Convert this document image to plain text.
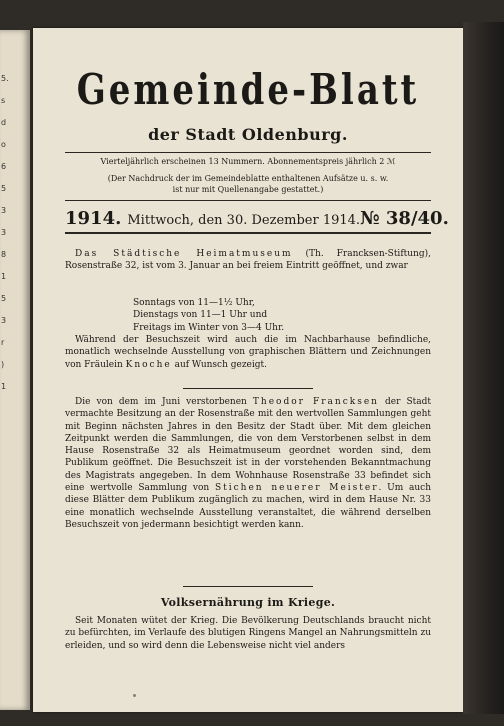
5.
s
d
o
6
5
3
3
8
1
5
3
r
)
1
Gemeinde-Blatt
der Stadt Oldenburg.
Vierteljährlich erscheinen 13 Nummern. Abonnementspreis jährlich 2 ℳ
(Der Nachdruck der im Gemeindeblatte enthaltenen Aufsätze u. s. w.
ist nur mit Quellenangabe gestattet.)
1914. Mittwoch, den 30. Dezember 1914. № 38/40.
Das Städtische Heimatmuseum (Th. Francksen-Stiftung), Rosenstraße 32, ist vom 3. Januar an bei freiem Eintritt geöffnet, und zwar
Sonntags von 11—1½ Uhr,
Dienstags von 11—1 Uhr und
Freitags im Winter von 3—4 Uhr.
Während der Besuchszeit wird auch die im Nachbarhause befindliche, monatlich wechselnde Ausstellung von graphischen Blättern und Zeichnungen von Fräulein Knoche auf Wunsch gezeigt.
Die von dem im Juni verstorbenen Theodor Francksen der Stadt vermachte Besitzung an der Rosenstraße mit den wertvollen Sammlungen geht mit Beginn nächsten Jahres in den Besitz der Stadt über. Mit dem gleichen Zeitpunkt werden die Sammlungen, die von dem Verstorbenen selbst in dem Hause Rosenstraße 32 als Heimatmuseum geordnet worden sind, dem Publikum geöffnet. Die Besuchszeit ist in der vorstehenden Bekanntmachung des Magistrats angegeben. In dem Wohnhause Rosenstraße 33 befindet sich eine wertvolle Sammlung von Stichen neuerer Meister. Um auch diese Blätter dem Publikum zugänglich zu machen, wird in dem Hause Nr. 33 eine monatlich wechselnde Ausstellung veranstaltet, die während derselben Besuchszeit von jedermann besichtigt werden kann.
Volksernährung im Kriege.
Seit Monaten wütet der Krieg. Die Bevölkerung Deutschlands braucht nicht zu befürchten, im Verlaufe des blutigen Ringens Mangel an Nahrungsmitteln zu erleiden, und so wird denn die Lebensweise nicht viel anders
